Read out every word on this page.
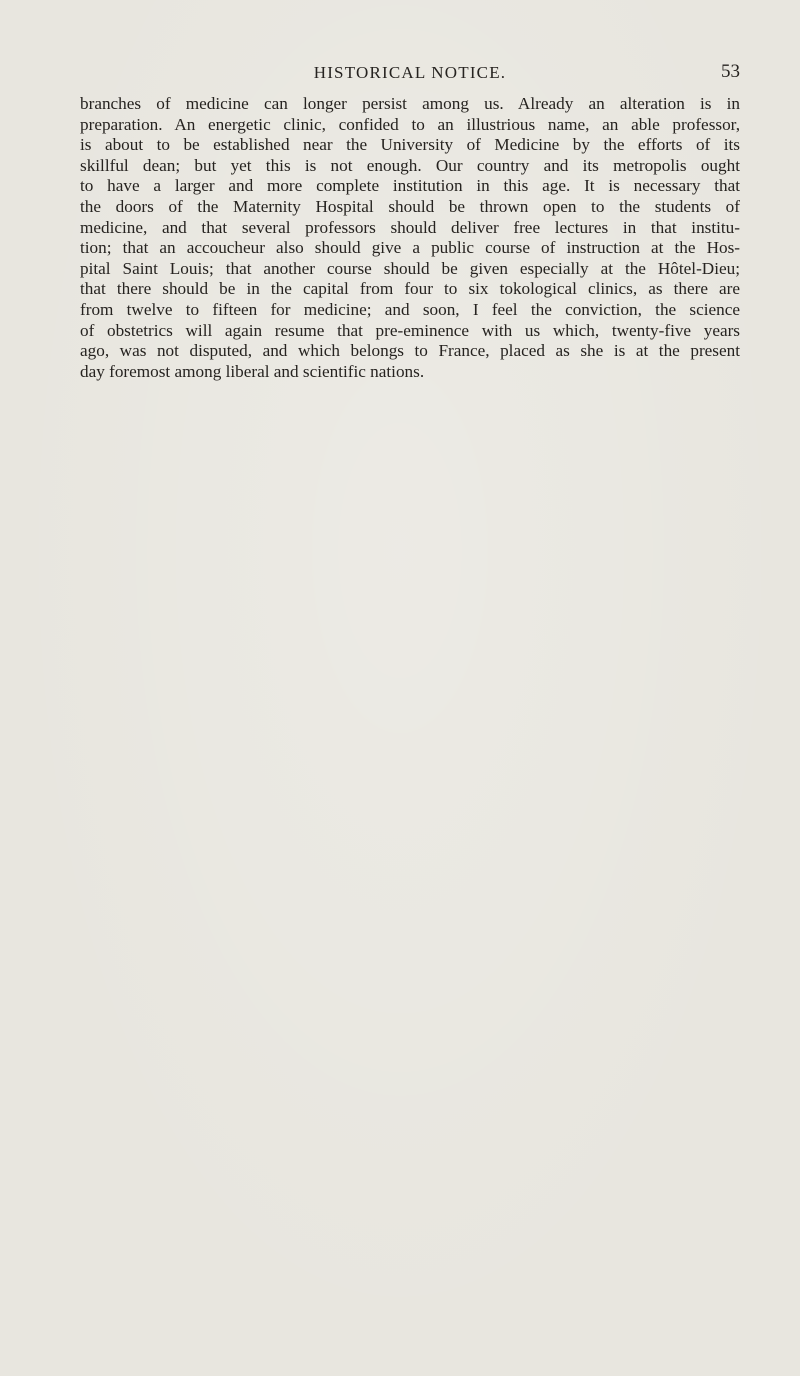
HISTORICAL NOTICE.	53
branches of medicine can longer persist among us. Already an alteration is in
preparation. An energetic clinic, confided to an illustrious name, an able professor,
is about to be established near the University of Medicine by the efforts of its
skillful dean; but yet this is not enough. Our country and its metropolis ought
to have a larger and more complete institution in this age. It is necessary that
the doors of the Maternity Hospital should be thrown open to the students of
medicine, and that several professors should deliver free lectures in that institu-
tion; that an accoucheur also should give a public course of instruction at the Hos-
pital Saint Louis; that another course should be given especially at the Hôtel-Dieu;
that there should be in the capital from four to six tokological clinics, as there are
from twelve to fifteen for medicine; and soon, I feel the conviction, the science
of obstetrics will again resume that pre-eminence with us which, twenty-five years
ago, was not disputed, and which belongs to France, placed as she is at the present
day foremost among liberal and scientific nations.
